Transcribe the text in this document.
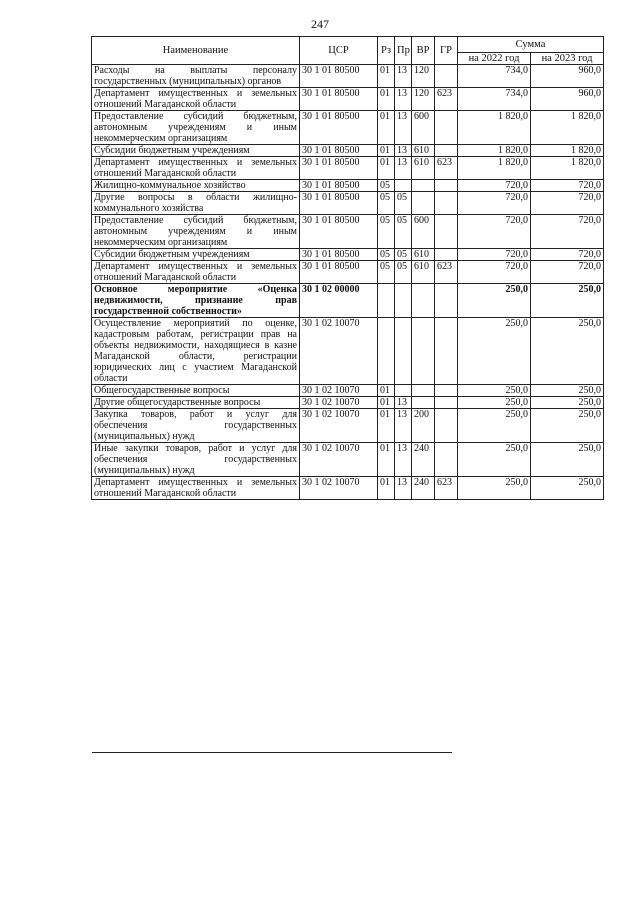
247
Наименование	ЦСР	Рз	Пр	ВР	ГР	Сумма	
						на 2022 год	на 2023 год
Расходы на выплаты персоналу государственных (муниципальных) органов	30 1 01 80500	01	13	120		734,0	960,0
Департамент имущественных и земельных отношений Магаданской области	30 1 01 80500	01	13	120	623	734,0	960,0
Предоставление субсидий бюджетным, автономным учреждениям и иным некоммерческим организациям	30 1 01 80500	01	13	600		1 820,0	1 820,0
Субсидии бюджетным учреждениям	30 1 01 80500	01	13	610		1 820,0	1 820,0
Департамент имущественных и земельных отношений Магаданской области	30 1 01 80500	01	13	610	623	1 820,0	1 820,0
Жилищно-коммунальное хозяйство	30 1 01 80500	05				720,0	720,0
Другие вопросы в области жилищно-коммунального хозяйства	30 1 01 80500	05	05			720,0	720,0
Предоставление субсидий бюджетным, автономным учреждениям и иным некоммерческим организациям	30 1 01 80500	05	05	600		720,0	720,0
Субсидии бюджетным учреждениям	30 1 01 80500	05	05	610		720,0	720,0
Департамент имущественных и земельных отношений Магаданской области	30 1 01 80500	05	05	610	623	720,0	720,0
Основное мероприятие «Оценка недвижимости, признание прав государственной собственности»	30 1 02 00000					250,0	250,0
Осуществление мероприятий по оценке, кадастровым работам, регистрации прав на объекты недвижимости, находящиеся в казне Магаданской области, регистрации юридических лиц с участием Магаданской области	30 1 02 10070					250,0	250,0
Общегосударственные вопросы	30 1 02 10070	01				250,0	250,0
Другие общегосударственные вопросы	30 1 02 10070	01	13			250,0	250,0
Закупка товаров, работ и услуг для обеспечения государственных (муниципальных) нужд	30 1 02 10070	01	13	200		250,0	250,0
Иные закупки товаров, работ и услуг для обеспечения государственных (муниципальных) нужд	30 1 02 10070	01	13	240		250,0	250,0
Департамент имущественных и земельных отношений Магаданской области	30 1 02 10070	01	13	240	623	250,0	250,0
